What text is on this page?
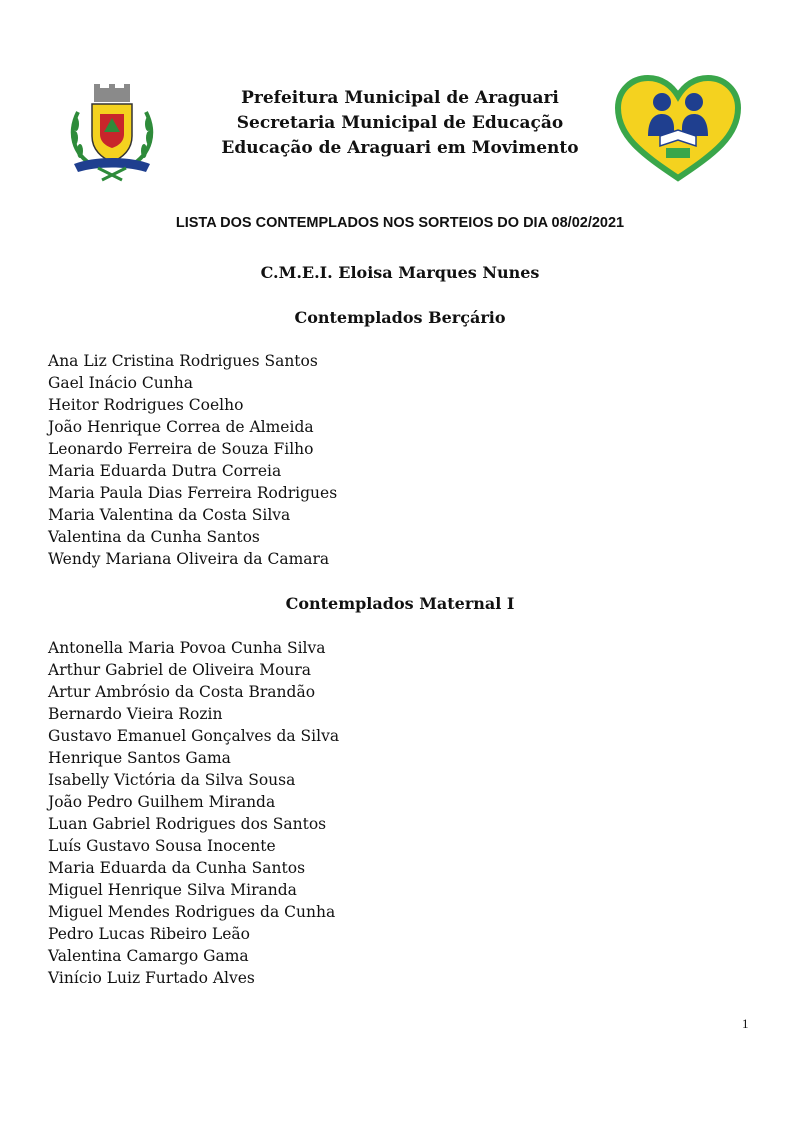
Prefeitura Municipal de Araguari
Secretaria Municipal de Educação
Educação de Araguari em Movimento
LISTA DOS CONTEMPLADOS NOS SORTEIOS DO DIA 08/02/2021
C.M.E.I. Eloisa Marques Nunes
Contemplados Berçário
Ana Liz Cristina Rodrigues Santos
Gael Inácio Cunha
Heitor Rodrigues Coelho
João Henrique Correa de Almeida
Leonardo Ferreira de Souza Filho
Maria Eduarda Dutra Correia
Maria Paula Dias Ferreira Rodrigues
Maria Valentina da Costa Silva
Valentina da Cunha Santos
Wendy Mariana Oliveira da Camara
Contemplados Maternal I
Antonella Maria Povoa Cunha Silva
Arthur Gabriel de Oliveira Moura
Artur Ambrósio da Costa Brandão
Bernardo Vieira Rozin
Gustavo Emanuel Gonçalves da Silva
Henrique Santos Gama
Isabelly Victória da Silva Sousa
João Pedro Guilhem Miranda
Luan Gabriel Rodrigues dos Santos
Luís Gustavo Sousa Inocente
Maria Eduarda da Cunha Santos
Miguel Henrique Silva Miranda
Miguel Mendes Rodrigues da Cunha
Pedro Lucas Ribeiro Leão
Valentina Camargo Gama
Vinício Luiz Furtado Alves
1
